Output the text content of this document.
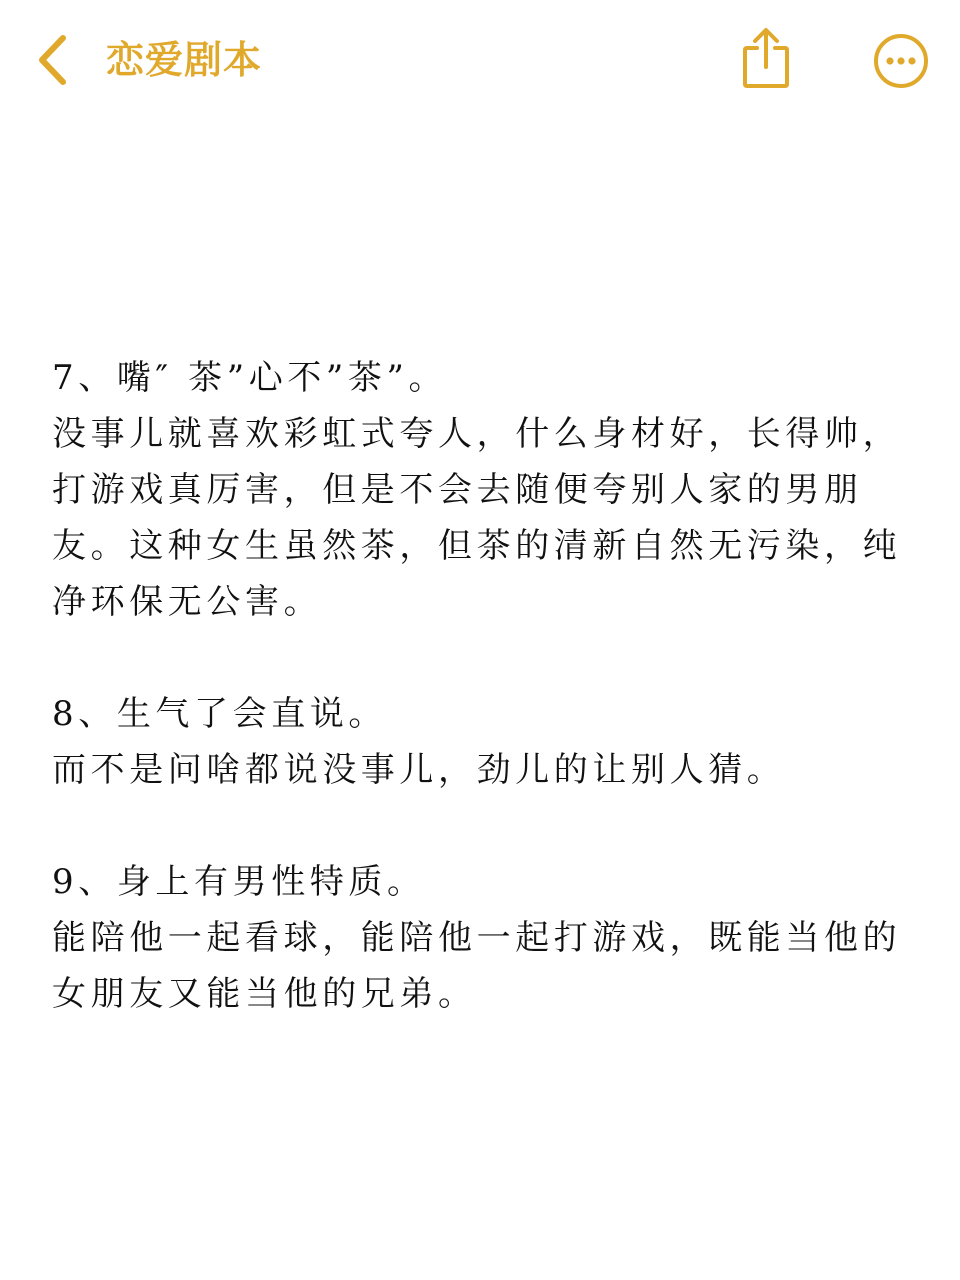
恋爱剧本

7、嘴″ 茶”心不”茶”。

没事儿就喜欢彩虹式夸人，什么身材好，长得帅，打游戏真厉害，但是不会去随便夸别人家的男朋友。这种女生虽然茶，但茶的清新自然无污染，纯净环保无公害。

8、生气了会直说。

而不是问啥都说没事儿，劲儿的让别人猜。

9、身上有男性特质。

能陪他一起看球，能陪他一起打游戏，既能当他的女朋友又能当他的兄弟。
